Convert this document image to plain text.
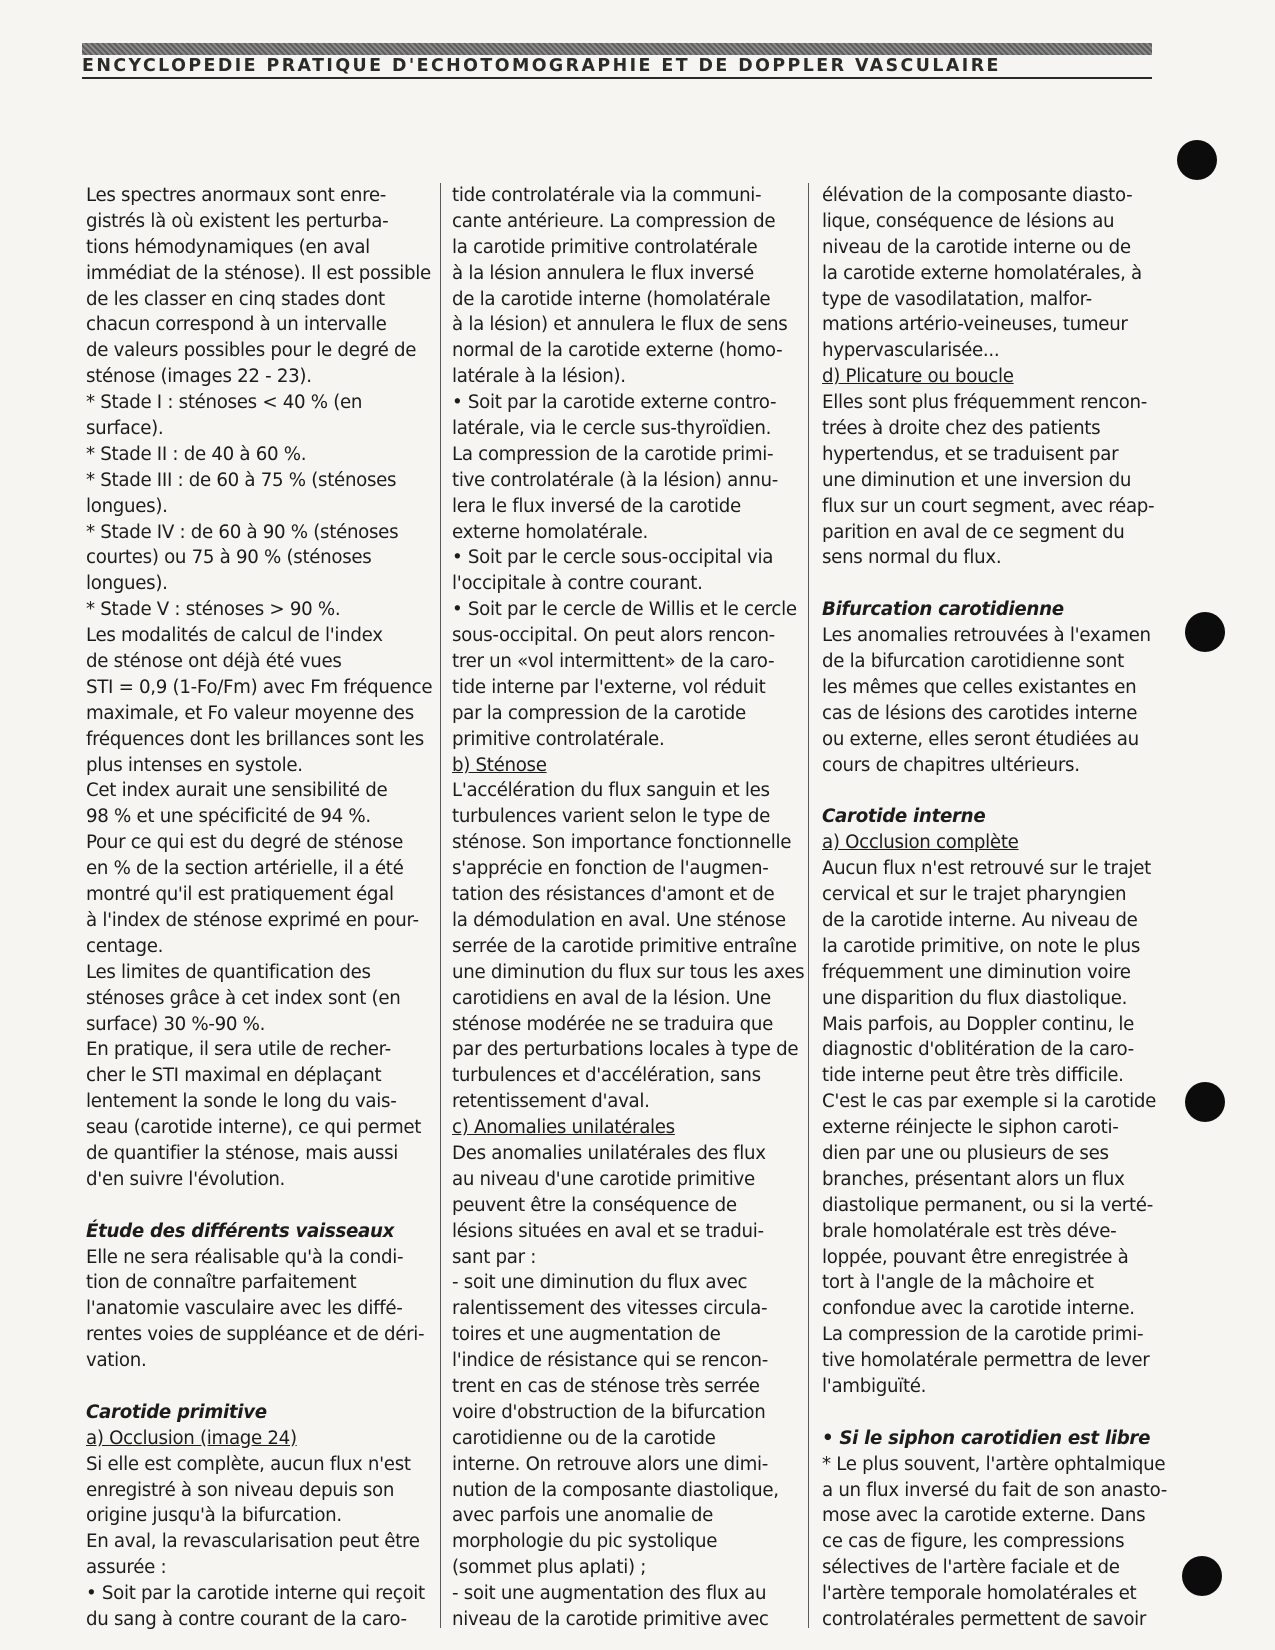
ENCYCLOPEDIE PRATIQUE D'ECHOTOMOGRAPHIE ET DE DOPPLER VASCULAIRE
Les spectres anormaux sont enre-
gistrés là où existent les perturba-
tions hémodynamiques (en aval
immédiat de la sténose). Il est possible
de les classer en cinq stades dont
chacun correspond à un intervalle
de valeurs possibles pour le degré de
sténose (images 22 - 23).
* Stade I : sténoses < 40 % (en
surface).
* Stade II : de 40 à 60 %.
* Stade III : de 60 à 75 % (sténoses
longues).
* Stade IV : de 60 à 90 % (sténoses
courtes) ou 75 à 90 % (sténoses
longues).
* Stade V : sténoses > 90 %.
Les modalités de calcul de l'index
de sténose ont déjà été vues
STI = 0,9 (1-Fo/Fm) avec Fm fréquence
maximale, et Fo valeur moyenne des
fréquences dont les brillances sont les
plus intenses en systole.
Cet index aurait une sensibilité de
98 % et une spécificité de 94 %.
Pour ce qui est du degré de sténose
en % de la section artérielle, il a été
montré qu'il est pratiquement égal
à l'index de sténose exprimé en pour-
centage.
Les limites de quantification des
sténoses grâce à cet index sont (en
surface) 30 %-90 %.
En pratique, il sera utile de recher-
cher le STI maximal en déplaçant
lentement la sonde le long du vais-
seau (carotide interne), ce qui permet
de quantifier la sténose, mais aussi
d'en suivre l'évolution.
Étude des différents vaisseaux
Elle ne sera réalisable qu'à la condi-
tion de connaître parfaitement
l'anatomie vasculaire avec les diffé-
rentes voies de suppléance et de déri-
vation.
Carotide primitive
a) Occlusion (image 24)
Si elle est complète, aucun flux n'est
enregistré à son niveau depuis son
origine jusqu'à la bifurcation.
En aval, la revascularisation peut être
assurée :
• Soit par la carotide interne qui reçoit
du sang à contre courant de la caro-
tide controlatérale via la communi-
cante antérieure. La compression de
la carotide primitive controlatérale
à la lésion annulera le flux inversé
de la carotide interne (homolatérale
à la lésion) et annulera le flux de sens
normal de la carotide externe (homo-
latérale à la lésion).
• Soit par la carotide externe contro-
latérale, via le cercle sus-thyroïdien.
La compression de la carotide primi-
tive controlatérale (à la lésion) annu-
lera le flux inversé de la carotide
externe homolatérale.
• Soit par le cercle sous-occipital via
l'occipitale à contre courant.
• Soit par le cercle de Willis et le cercle
sous-occipital. On peut alors rencon-
trer un «vol intermittent» de la caro-
tide interne par l'externe, vol réduit
par la compression de la carotide
primitive controlatérale.
b) Sténose
L'accélération du flux sanguin et les
turbulences varient selon le type de
sténose. Son importance fonctionnelle
s'apprécie en fonction de l'augmen-
tation des résistances d'amont et de
la démodulation en aval. Une sténose
serrée de la carotide primitive entraîne
une diminution du flux sur tous les axes
carotidiens en aval de la lésion. Une
sténose modérée ne se traduira que
par des perturbations locales à type de
turbulences et d'accélération, sans
retentissement d'aval.
c) Anomalies unilatérales
Des anomalies unilatérales des flux
au niveau d'une carotide primitive
peuvent être la conséquence de
lésions situées en aval et se tradui-
sant par :
- soit une diminution du flux avec
ralentissement des vitesses circula-
toires et une augmentation de
l'indice de résistance qui se rencon-
trent en cas de sténose très serrée
voire d'obstruction de la bifurcation
carotidienne ou de la carotide
interne. On retrouve alors une dimi-
nution de la composante diastolique,
avec parfois une anomalie de
morphologie du pic systolique
(sommet plus aplati) ;
- soit une augmentation des flux au
niveau de la carotide primitive avec
élévation de la composante diasto-
lique, conséquence de lésions au
niveau de la carotide interne ou de
la carotide externe homolatérales, à
type de vasodilatation, malfor-
mations artério-veineuses, tumeur
hypervascularisée...
d) Plicature ou boucle
Elles sont plus fréquemment rencon-
trées à droite chez des patients
hypertendus, et se traduisent par
une diminution et une inversion du
flux sur un court segment, avec réap-
parition en aval de ce segment du
sens normal du flux.
Bifurcation carotidienne
Les anomalies retrouvées à l'examen
de la bifurcation carotidienne sont
les mêmes que celles existantes en
cas de lésions des carotides interne
ou externe, elles seront étudiées au
cours de chapitres ultérieurs.
Carotide interne
a) Occlusion complète
Aucun flux n'est retrouvé sur le trajet
cervical et sur le trajet pharyngien
de la carotide interne. Au niveau de
la carotide primitive, on note le plus
fréquemment une diminution voire
une disparition du flux diastolique.
Mais parfois, au Doppler continu, le
diagnostic d'oblitération de la caro-
tide interne peut être très difficile.
C'est le cas par exemple si la carotide
externe réinjecte le siphon caroti-
dien par une ou plusieurs de ses
branches, présentant alors un flux
diastolique permanent, ou si la verté-
brale homolatérale est très déve-
loppée, pouvant être enregistrée à
tort à l'angle de la mâchoire et
confondue avec la carotide interne.
La compression de la carotide primi-
tive homolatérale permettra de lever
l'ambiguïté.
• Si le siphon carotidien est libre
* Le plus souvent, l'artère ophtalmique
a un flux inversé du fait de son anasto-
mose avec la carotide externe. Dans
ce cas de figure, les compressions
sélectives de l'artère faciale et de
l'artère temporale homolatérales et
controlatérales permettent de savoir
